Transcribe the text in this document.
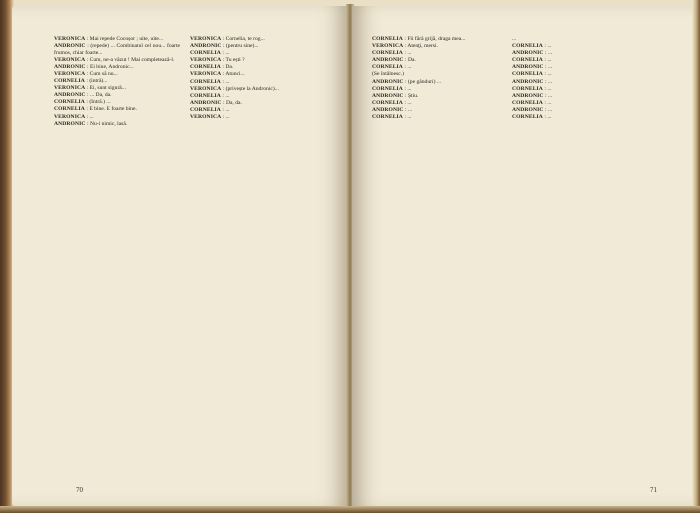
VERONICA : Mai repede Cocoșor ; uite, uite...

ANDRONIC : (repede) ... Combinatul cel nou... foarte frumos, chiar foarte...

VERONICA : Cum, ne-a văzut ! Mai completează-l.

ANDRONIC : Ei bine, Andronic...

VERONICA : Cum să nu...

CORNELIA : (intră)...

VERONICA : Ei, sunt sigură...

ANDRONIC : ... Da, da.

CORNELIA : (Intră.) ...

CORNELIA : E bine. E foarte bine.

VERONICA : ...

ANDRONIC : Nu-i nimic, lasă.

VERONICA : Cornelia, te rog...

ANDRONIC : (pentru sine)...

CORNELIA : ...

VERONICA : Tu ești ?

CORNELIA : Da.

VERONICA : Atunci...

CORNELIA : ...

VERONICA : (privește la Andronic)...

CORNELIA : ...

ANDRONIC : Da, da.

CORNELIA : ...

VERONICA : ...

70

CORNELIA : Fii fără grijă, draga mea...

VERONICA : Atenţi, mersi.

CORNELIA : ...

ANDRONIC : Da.

CORNELIA : ...

(Se întâlnesc.)

ANDRONIC : (pe gânduri) ...

CORNELIA : ...

ANDRONIC : Știu.

CORNELIA : ...

ANDRONIC : ...

CORNELIA : ...

...

CORNELIA : ...

ANDRONIC : ...

CORNELIA : ...

ANDRONIC : ...

CORNELIA : ...

ANDRONIC : ...

CORNELIA : ...

ANDRONIC : ...

CORNELIA : ...

ANDRONIC : ...

CORNELIA : ...

71
